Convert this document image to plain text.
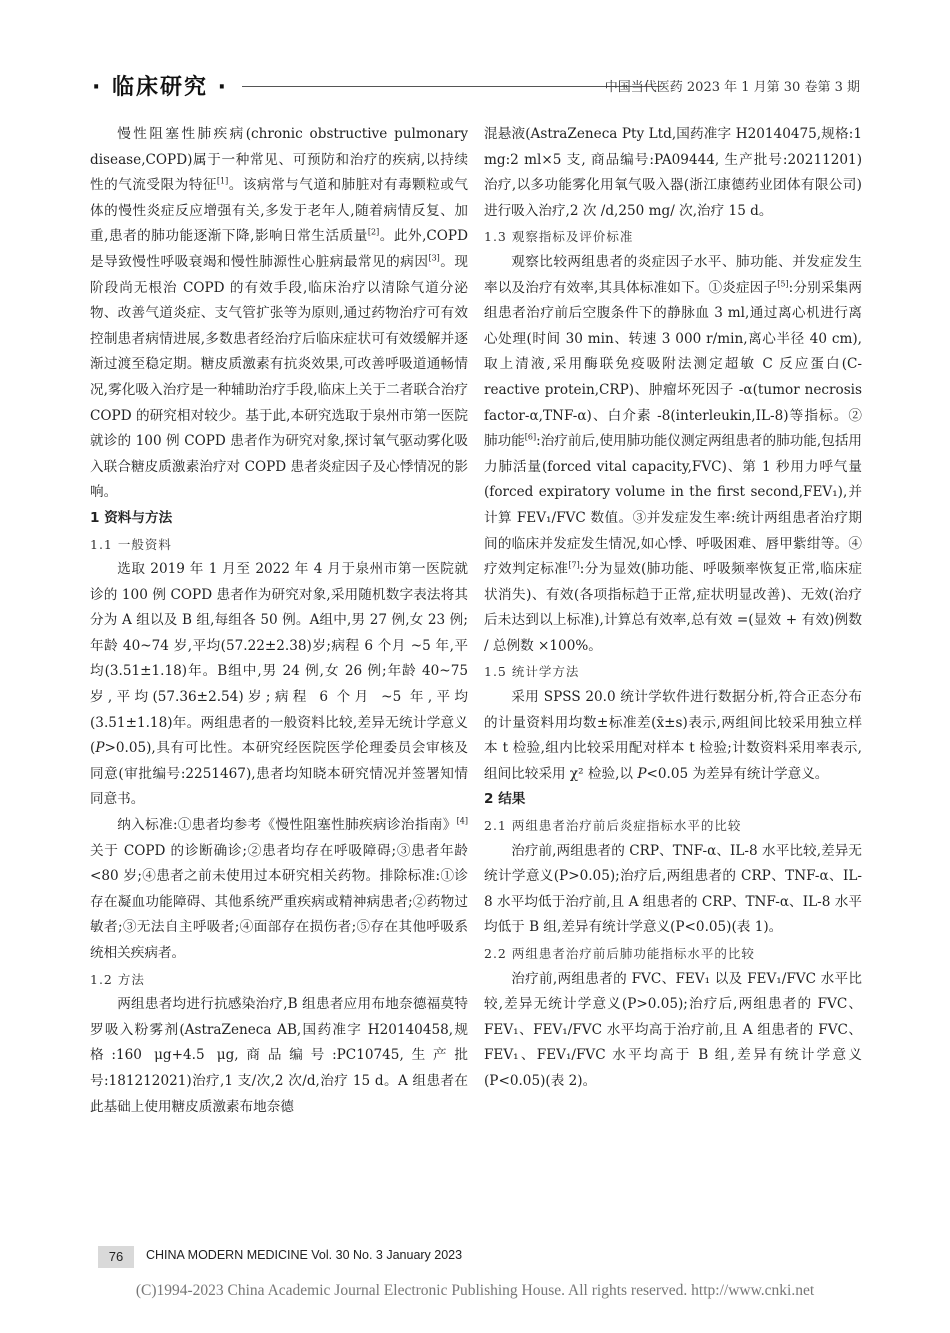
· 临床研究 ·	中国当代医药 2023 年 1 月第 30 卷第 3 期

慢性阻塞性肺疾病(chronic obstructive pulmonary disease,COPD)属于一种常见、可预防和治疗的疾病,以持续性的气流受限为特征[1]。该病常与气道和肺脏对有毒颗粒或气体的慢性炎症反应增强有关,多发于老年人,随着病情反复、加重,患者的肺功能逐渐下降,影响日常生活质量[2]。此外,COPD 是导致慢性呼吸衰竭和慢性肺源性心脏病最常见的病因[3]。现阶段尚无根治 COPD 的有效手段,临床治疗以清除气道分泌物、改善气道炎症、支气管扩张等为原则,通过药物治疗可有效控制患者病情进展,多数患者经治疗后临床症状可有效缓解并逐渐过渡至稳定期。糖皮质激素有抗炎效果,可改善呼吸道通畅情况,雾化吸入治疗是一种辅助治疗手段,临床上关于二者联合治疗 COPD 的研究相对较少。基于此,本研究选取于泉州市第一医院就诊的 100 例 COPD 患者作为研究对象,探讨氧气驱动雾化吸入联合糖皮质激素治疗对 COPD 患者炎症因子及心悸情况的影响。

1 资料与方法
1.1 一般资料

选取 2019 年 1 月至 2022 年 4 月于泉州市第一医院就诊的 100 例 COPD 患者作为研究对象,采用随机数字表法将其分为 A 组以及 B 组,每组各 50 例。A组中,男 27 例,女 23 例;年龄 40~74 岁,平均(57.22±2.38)岁;病程 6 个月 ~5 年,平均(3.51±1.18)年。B组中,男 24 例,女 26 例;年龄 40~75 岁,平均(57.36±2.54)岁;病程 6 个月 ~5 年,平均(3.51±1.18)年。两组患者的一般资料比较,差异无统计学意义(P>0.05),具有可比性。本研究经医院医学伦理委员会审核及同意(审批编号:2251467),患者均知晓本研究情况并签署知情同意书。

纳入标准:①患者均参考《慢性阻塞性肺疾病诊治指南》[4]关于 COPD 的诊断确诊;②患者均存在呼吸障碍;③患者年龄<80 岁;④患者之前未使用过本研究相关药物。排除标准:①诊存在凝血功能障碍、其他系统严重疾病或精神病患者;②药物过敏者;③无法自主呼吸者;④面部存在损伤者;⑤存在其他呼吸系统相关疾病者。

1.2 方法

两组患者均进行抗感染治疗,B 组患者应用布地奈德福莫特罗吸入粉雾剂(AstraZeneca AB,国药准字 H20140458,规格:160 μg+4.5 μg,商品编号:PC10745,生产批号:181212021)治疗,1 支/次,2 次/d,治疗 15 d。A 组患者在此基础上使用糖皮质激素布地奈德

混悬液(AstraZeneca Pty Ltd,国药准字 H20140475,规格:1 mg:2 ml×5 支, 商品编号:PA09444, 生产批号:20211201)治疗,以多功能雾化用氧气吸入器(浙江康德药业团体有限公司) 进行吸入治疗,2 次 /d,250 mg/ 次,治疗 15 d。

1.3 观察指标及评价标准

观察比较两组患者的炎症因子水平、肺功能、并发症发生率以及治疗有效率,其具体标准如下。①炎症因子[5]:分别采集两组患者治疗前后空腹条件下的静脉血 3 ml,通过离心机进行离心处理(时间 30 min、转速 3 000 r/min,离心半径 40 cm),取上清液,采用酶联免疫吸附法测定超敏 C 反应蛋白(C-reactive protein,CRP)、肿瘤坏死因子 -α(tumor necrosis factor-α,TNF-α)、白介素 -8(interleukin,IL-8)等指标。②肺功能[6]:治疗前后,使用肺功能仪测定两组患者的肺功能,包括用力肺活量(forced vital capacity,FVC)、第 1 秒用力呼气量(forced expiratory volume in the first second,FEV₁),并计算 FEV₁/FVC 数值。③并发症发生率:统计两组患者治疗期间的临床并发症发生情况,如心悸、呼吸困难、唇甲紫绀等。④疗效判定标准[7]:分为显效(肺功能、呼吸频率恢复正常,临床症状消失)、有效(各项指标趋于正常,症状明显改善)、无效(治疗后未达到以上标准),计算总有效率,总有效 =(显效 + 有效)例数 / 总例数 ×100%。

1.5 统计学方法

采用 SPSS 20.0 统计学软件进行数据分析,符合正态分布的计量资料用均数±标准差(x̄±s)表示,两组间比较采用独立样本 t 检验,组内比较采用配对样本 t 检验;计数资料采用率表示,组间比较采用 χ² 检验,以 P<0.05 为差异有统计学意义。

2 结果
2.1 两组患者治疗前后炎症指标水平的比较

治疗前,两组患者的 CRP、TNF-α、IL-8 水平比较,差异无统计学意义(P>0.05);治疗后,两组患者的 CRP、TNF-α、IL-8 水平均低于治疗前,且 A 组患者的 CRP、TNF-α、IL-8 水平均低于 B 组,差异有统计学意义(P<0.05)(表 1)。

2.2 两组患者治疗前后肺功能指标水平的比较

治疗前,两组患者的 FVC、FEV₁ 以及 FEV₁/FVC 水平比较,差异无统计学意义(P>0.05);治疗后,两组患者的 FVC、FEV₁、FEV₁/FVC 水平均高于治疗前,且 A 组患者的 FVC、FEV₁、FEV₁/FVC 水平均高于 B 组,差异有统计学意义(P<0.05)(表 2)。

76	CHINA MODERN MEDICINE Vol. 30 No. 3 January 2023
(C)1994-2023 China Academic Journal Electronic Publishing House. All rights reserved. http://www.cnki.net
